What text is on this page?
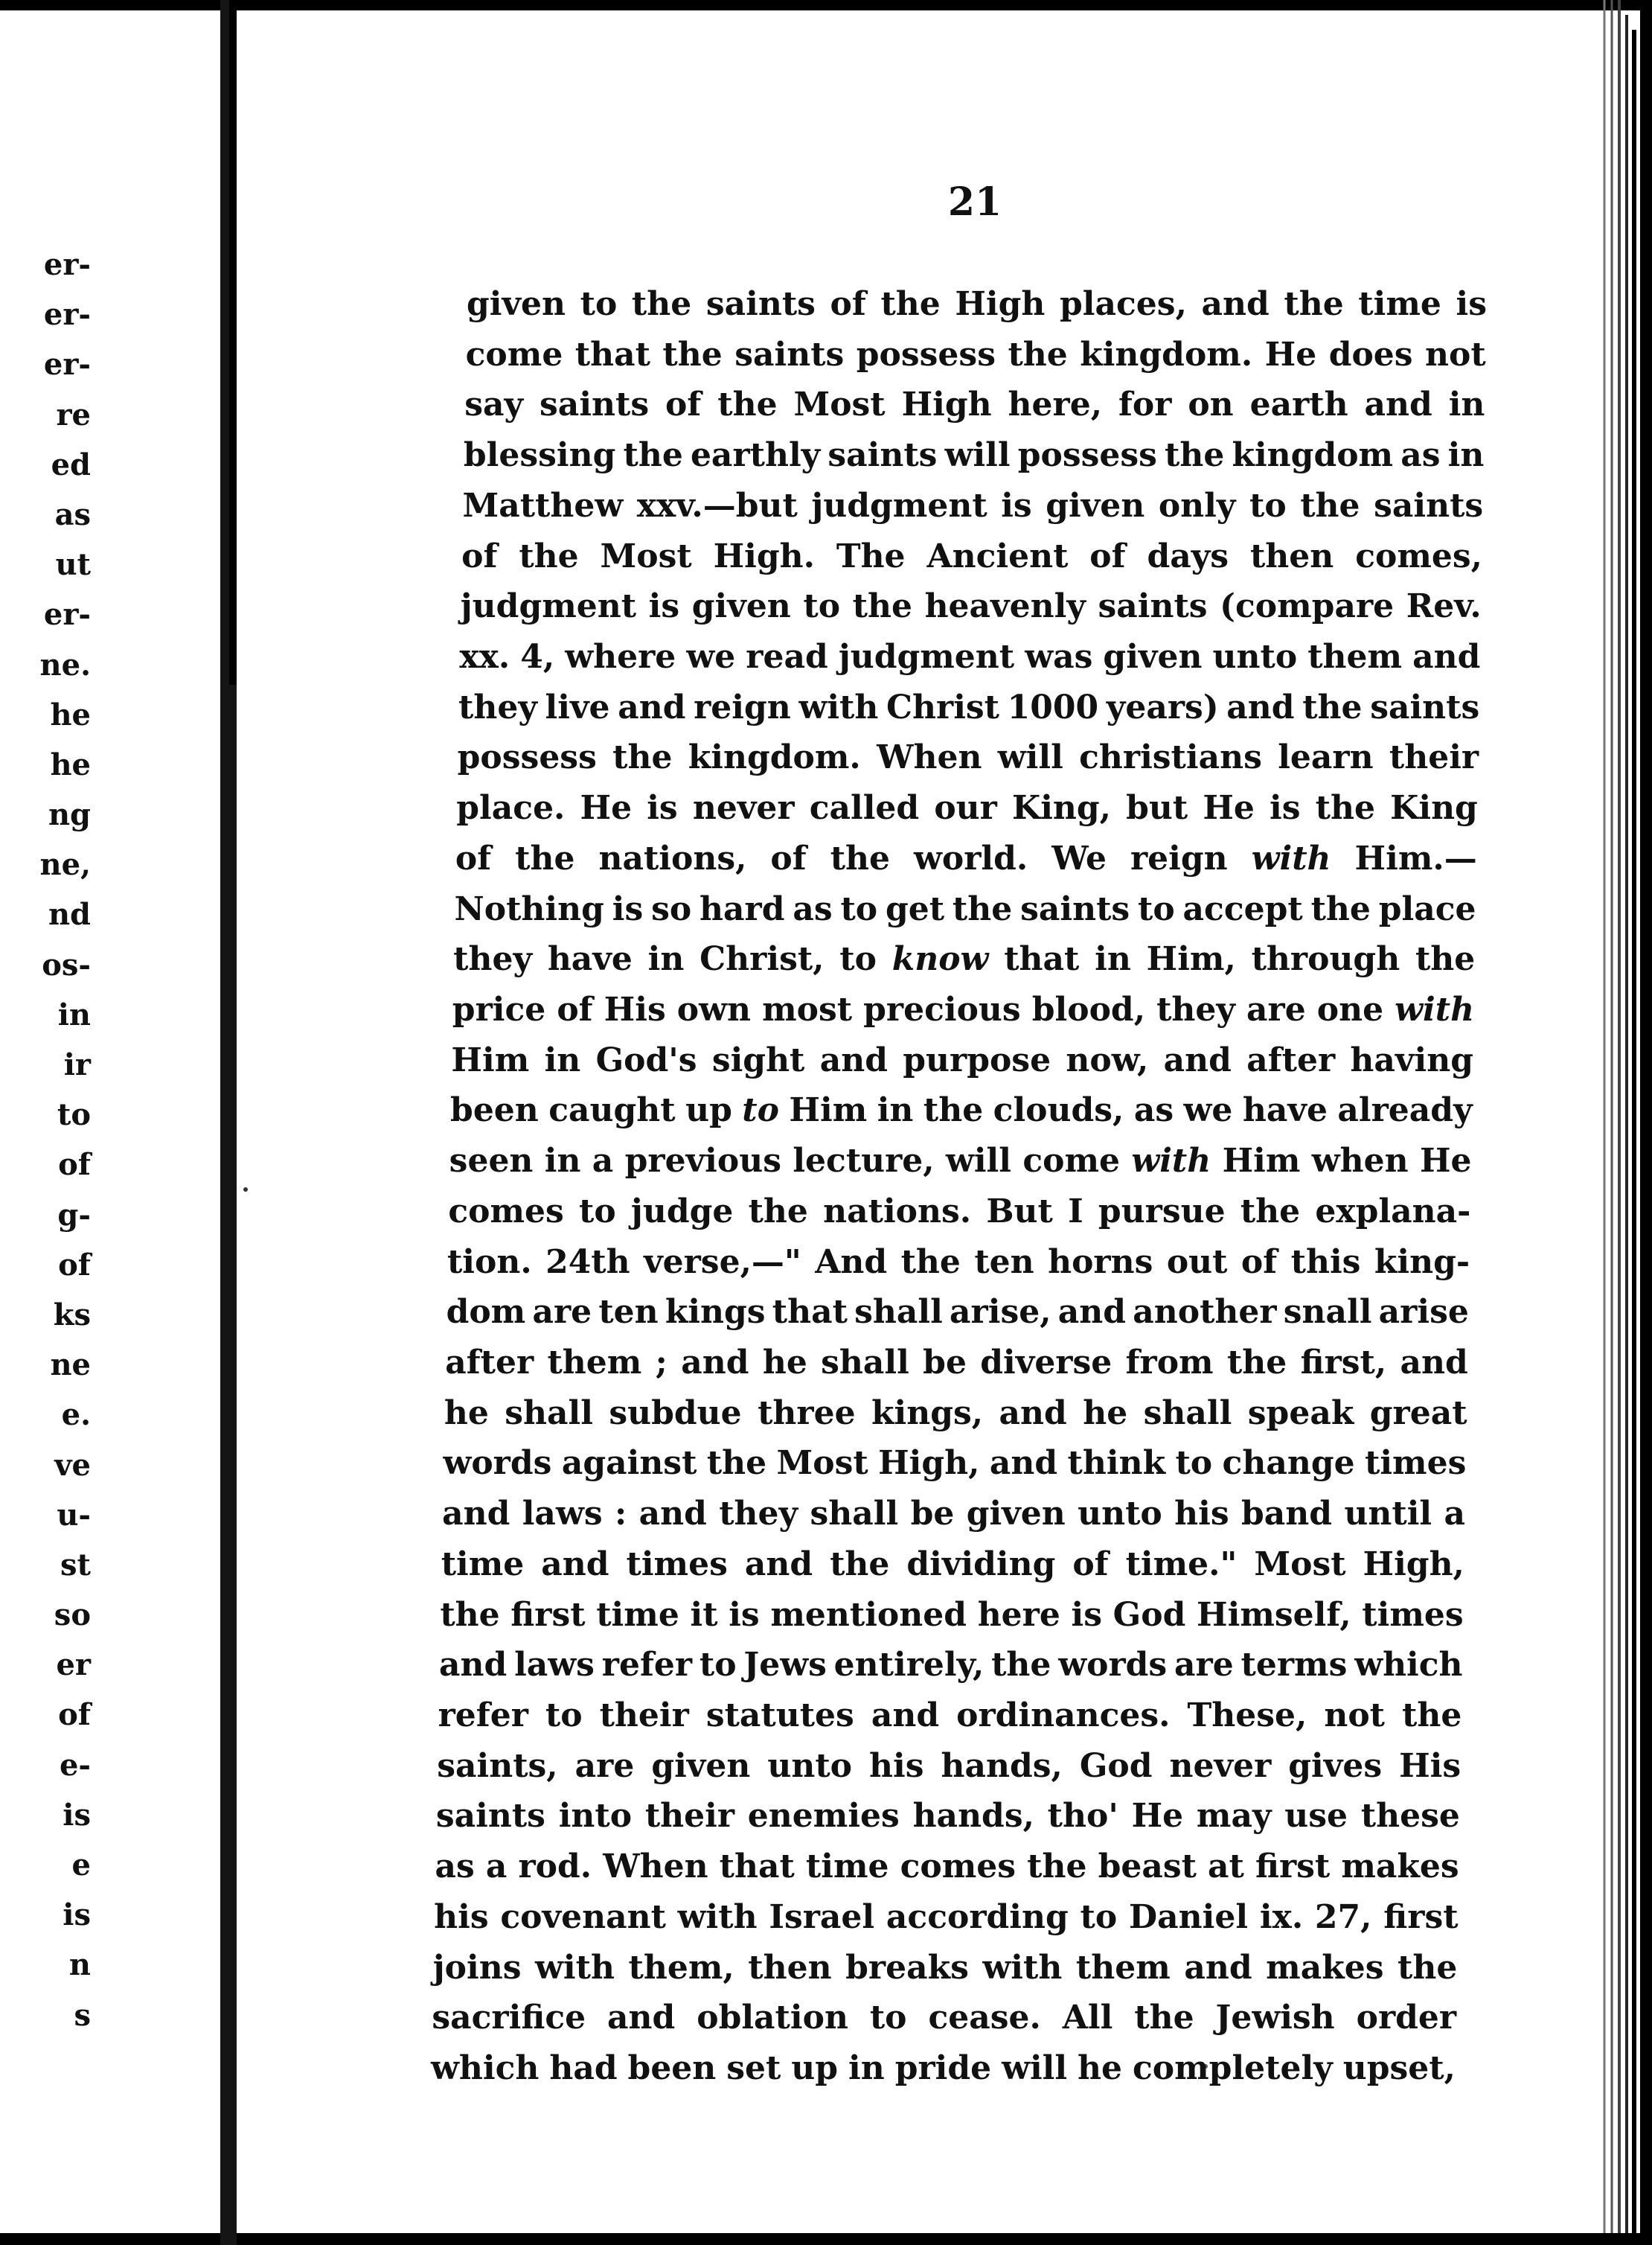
er-
er-
er-
re
ed
as
ut
er-
ne.
he
he
ng
ne,
nd
os-
in
ir
to
of
g-
of
ks
ne
e.
ve
u-
st
so
er
of
e-
is
e
is
n
s
21
given to the saints of the High places, and the time is
come that the saints possess the kingdom. He does not
say saints of the Most High here, for on earth and in
blessing the earthly saints will possess the kingdom as in
Matthew xxv.—but judgment is given only to the saints
of the Most High. The Ancient of days then comes,
judgment is given to the heavenly saints (compare Rev.
xx. 4, where we read judgment was given unto them and
they live and reign with Christ 1000 years) and the saints
possess the kingdom. When will christians learn their
place. He is never called our King, but He is the King
of the nations, of the world. We reign with Him.—
Nothing is so hard as to get the saints to accept the place
they have in Christ, to know that in Him, through the
price of His own most precious blood, they are one with
Him in God's sight and purpose now, and after having
been caught up to Him in the clouds, as we have already
seen in a previous lecture, will come with Him when He
comes to judge the nations. But I pursue the explana-
tion. 24th verse,—" And the ten horns out of this king-
dom are ten kings that shall arise, and another snall arise
after them ; and he shall be diverse from the first, and
he shall subdue three kings, and he shall speak great
words against the Most High, and think to change times
and laws : and they shall be given unto his band until a
time and times and the dividing of time." Most High,
the first time it is mentioned here is God Himself, times
and laws refer to Jews entirely, the words are terms which
refer to their statutes and ordinances. These, not the
saints, are given unto his hands, God never gives His
saints into their enemies hands, tho' He may use these
as a rod. When that time comes the beast at first makes
his covenant with Israel according to Daniel ix. 27, first
joins with them, then breaks with them and makes the
sacrifice and oblation to cease. All the Jewish order
which had been set up in pride will he completely upset,
